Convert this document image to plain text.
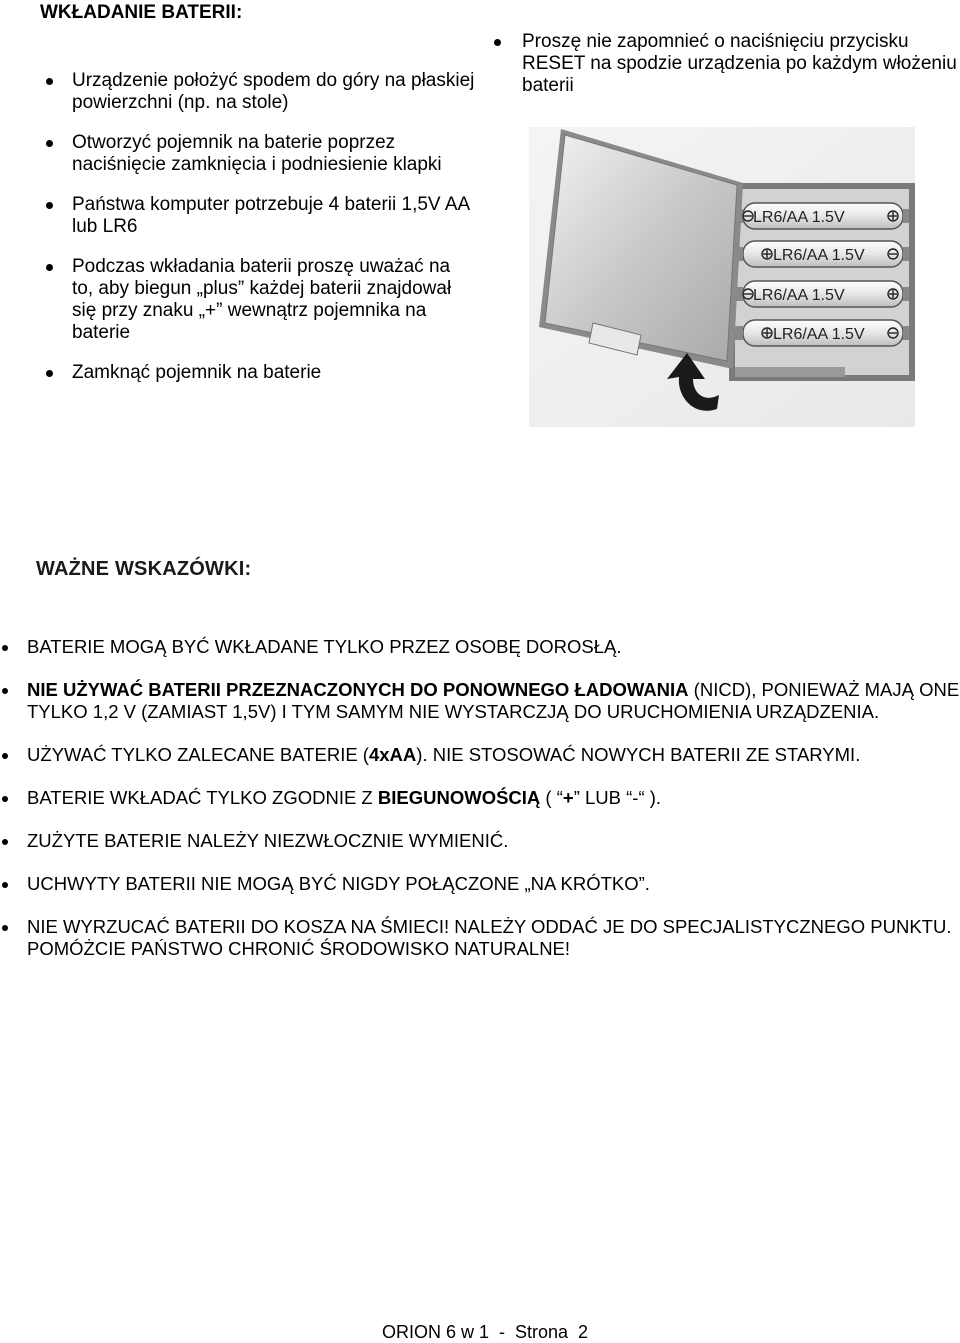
WKŁADANIE BATERII:
Urządzenie położyć spodem do góry na płaskiej powierzchni (np. na stole)
Otworzyć pojemnik na baterie poprzez naciśnięcie zamknięcia i podniesienie klapki
Państwa komputer potrzebuje 4 baterii 1,5V AA lub LR6
Podczas wkładania baterii proszę uważać na to, aby biegun „plus” każdej baterii znajdował się przy znaku „+” wewnątrz pojemnika na baterie
Zamknąć pojemnik na baterie
Proszę nie zapomnieć o naciśnięciu przycisku RESET na spodzie urządzenia po każdym włożeniu baterii
LR6/AA 1.5V
LR6/AA 1.5V
LR6/AA 1.5V
LR6/AA 1.5V
WAŻNE WSKAZÓWKI:
BATERIE MOGĄ BYĆ WKŁADANE TYLKO PRZEZ OSOBĘ DOROSŁĄ.
NIE UŻYWAĆ BATERII PRZEZNACZONYCH DO PONOWNEGO ŁADOWANIA (NICD), PONIEWAŻ MAJĄ ONE TYLKO 1,2 V (ZAMIAST 1,5V) I TYM SAMYM NIE WYSTARCZJĄ DO URUCHOMIENIA URZĄDZENIA.
UŻYWAĆ TYLKO ZALECANE BATERIE (4xAA). NIE STOSOWAĆ NOWYCH BATERII ZE STARYMI.
BATERIE WKŁADAĆ TYLKO ZGODNIE Z BIEGUNOWOŚCIĄ ( “+” LUB “-“ ).
ZUŻYTE BATERIE NALEŻY NIEZWŁOCZNIE WYMIENIĆ.
UCHWYTY BATERII NIE MOGĄ BYĆ NIGDY POŁĄCZONE „NA KRÓTKO”.
NIE WYRZUCAĆ BATERII DO KOSZA NA ŚMIECI! NALEŻY ODDAĆ JE DO SPECJALISTYCZNEGO PUNKTU. POMÓŻCIE PAŃSTWO CHRONIĆ ŚRODOWISKO NATURALNE!
ORION 6 w 1  -  Strona  2
